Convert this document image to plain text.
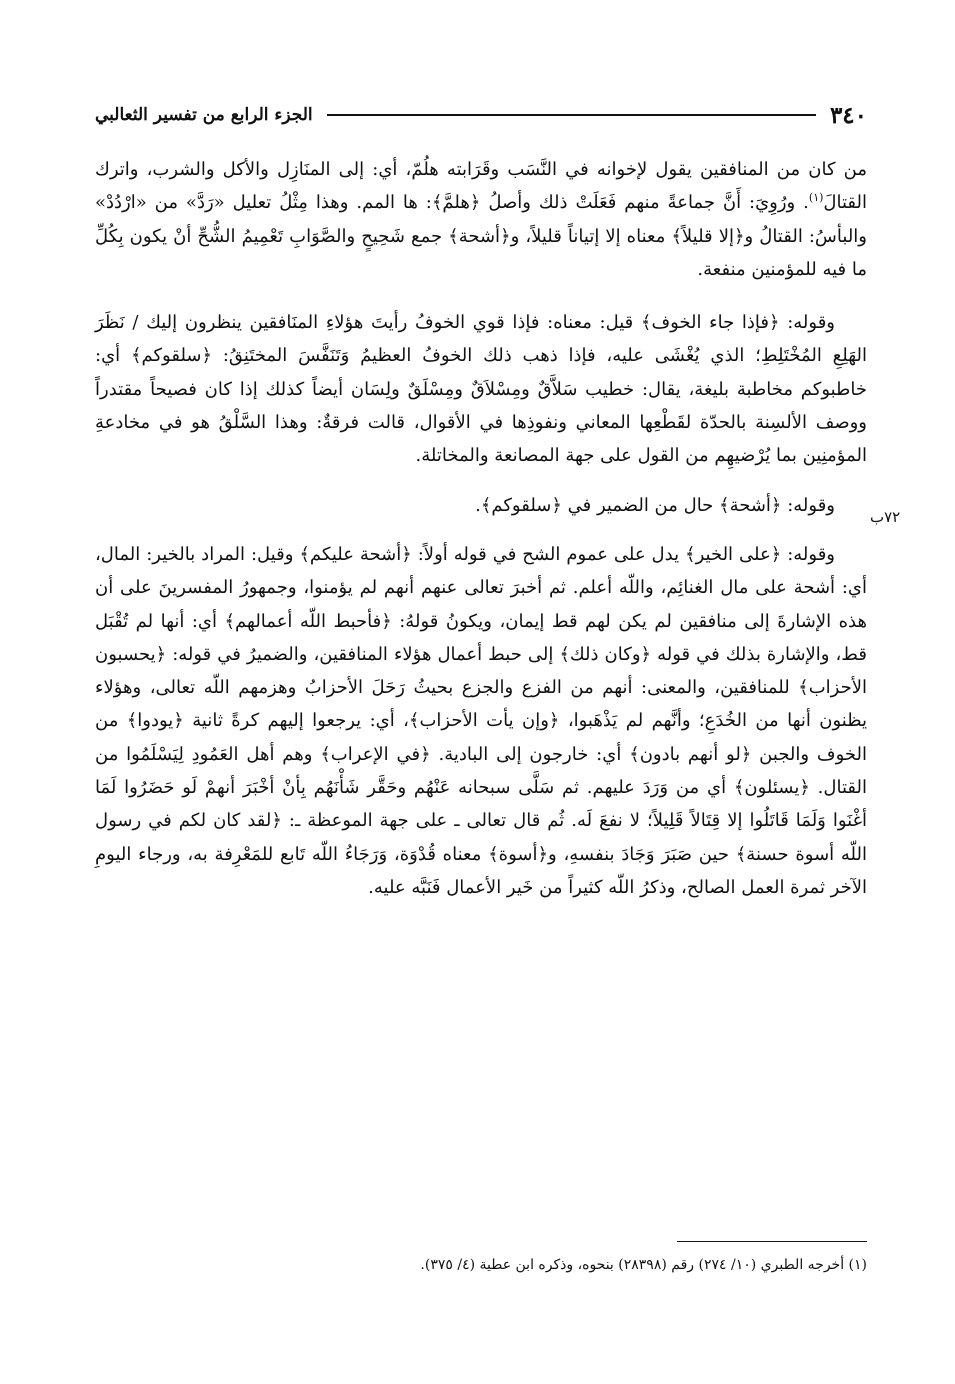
٣٤٠
الجزء الرابع من تفسير الثعالبي

من كان من المنافقين يقول لإخوانه في النَّسَب وقَرَابته هلُمّ، أي: إلى المنَازِل والأكل والشرب، واترك القتالَ$^{(١)}$. ورُوِيَ: أَنَّ جماعةً منهم فَعَلَتْ ذلك وأصلُ ﴿هلمَّ﴾: ها المم. وهذا مِثْلُ تعليل «رَدَّ» من «ارْدُدْ» والبأسُ: القتالُ و﴿إلا قليلاً﴾ معناه إلا إتياناً قليلاً، و﴿أشحة﴾ جمع شَحِيحٍ والصَّوَابِ تَعْمِيمُ الشُّحِّ أنْ يكون بِكُلِّ ما فيه للمؤمنين منفعة.

وقوله: ﴿فإذا جاء الخوف﴾ قيل: معناه: فإذا قوي الخوفُ رأيتَ هؤلاءِ المنَافقين ينظرون إليك / نَظَرَ الهَلِعِ المُخْتَلِطِ؛ الذي يُغْشَى عليه، فإذا ذهب ذلك الخوفُ العظيمُ وَتَنَفَّسَ المختَنِقُ: ﴿سلقوكم﴾ أي: خاطبوكم مخاطبة بليغة، يقال: خطيب سَلاَّقٌ ومِسْلاَقٌ ومِسْلَقٌ ولِسَان أيضاً كذلك إذا كان فصيحاً مقتدراً ووصف الألسِنة بالحدّة لقَطْعِها المعاني ونفوذِها في الأقوال، قالت فرقةٌ: وهذا السَّلْقُ هو في مخادعةِ المؤمنِين بما يُرْضيهِم من القول على جهة المصانعة والمخاتلة.

وقوله: ﴿أشحة﴾ حال من الضمير في ﴿سلقوكم﴾.

وقوله: ﴿على الخير﴾ يدل على عموم الشح في قوله أولاً: ﴿أشحة عليكم﴾ وقيل: المراد بالخير: المال، أي: أشحة على مال الغنائِم، واللّه أعلم. ثم أخبرَ تعالى عنهم أنهم لم يؤمنوا، وجمهورُ المفسرينَ على أن هذه الإشارةَ إلى منافقين لم يكن لهم قط إيمان، ويكونُ قولهُ: ﴿فأحبط اللّه أعمالهم﴾ أي: أنها لم تُقْبَل قط، والإشارة بذلك في قوله ﴿وكان ذلك﴾ إلى حبط أعمال هؤلاء المنافقين، والضميرُ في قوله: ﴿يحسبون الأحزاب﴾ للمنافقين، والمعنى: أنهم من الفزع والجزع بحيثُ رَحَلَ الأحزابُ وهزمهم اللّه تعالى، وهؤلاء يظنون أنها من الخُدَعِ؛ وأنَّهم لم يَذْهَبوا، ﴿وإن يأت الأحزاب﴾، أي: يرجعوا إليهم كرةً ثانية ﴿يودوا﴾ من الخوف والجبن ﴿لو أنهم بادون﴾ أي: خارجون إلى البادية. ﴿في الإعراب﴾ وهم أهل العَمُودِ لِيَسْلَمُوا من القتال. ﴿يسئلون﴾ أي من وَرَدَ عليهم. ثم سَلَّى سبحانه عَنْهُم وحَقَّر شَأْنَهُم بِأنْ أخْبَرَ أنهمْ لَو حَضَرُوا لَمَا أغْنَوا وَلَمَا قَاتَلُوا إلا قِتَالاً قَلِيلاً؛ لا نفعَ لَه. ثُم قال تعالى ـ على جهة الموعظة ـ: ﴿لقد كان لكم في رسول اللّه أسوة حسنة﴾ حين صَبَرَ وَجَادَ بنفسهِ، و﴿أسوة﴾ معناه قُدْوَة، وَرَجَاءُ اللّه تَابع للمَعْرِفة به، ورجاء اليومِ الآخر ثمرة العمل الصالح، وذكرُ اللّه كثيراً من خَير الأعمال فَنَبَّه عليه.

٧٢ب
(١) أخرجه الطبري (١٠/ ٢٧٤) رقم (٢٨٣٩٨) بنحوه، وذكره ابن عطية (٤/ ٣٧٥).
